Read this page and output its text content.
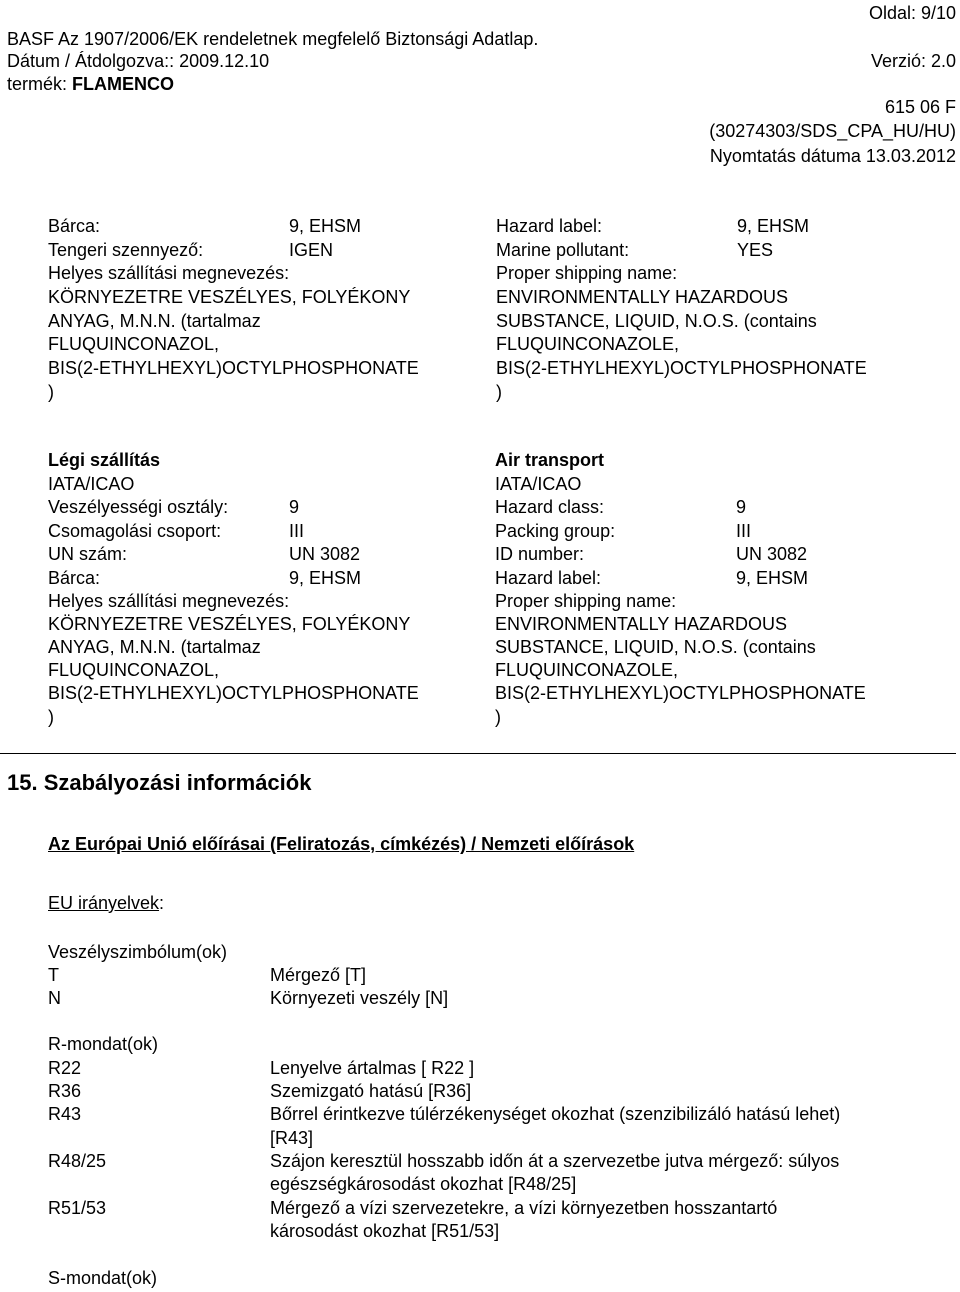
Oldal: 9/10
BASF Az 1907/2006/EK rendeletnek megfelelő Biztonsági Adatlap.
Dátum / Átdolgozva:: 2009.12.10	Verzió: 2.0
termék: FLAMENCO
615 06 F
(30274303/SDS_CPA_HU/HU)
Nyomtatás dátuma 13.03.2012
Bárca:	9, EHSM
Tengeri szennyező:	IGEN
Helyes szállítási megnevezés:
KÖRNYEZETRE VESZÉLYES, FOLYÉKONY
ANYAG, M.N.N. (tartalmaz
FLUQUINCONAZOL,
BIS(2-ETHYLHEXYL)OCTYLPHOSPHONATE
)
Hazard label:	9, EHSM
Marine pollutant:	YES
Proper shipping name:
ENVIRONMENTALLY HAZARDOUS
SUBSTANCE, LIQUID, N.O.S. (contains
FLUQUINCONAZOLE,
BIS(2-ETHYLHEXYL)OCTYLPHOSPHONATE
)
Légi szállítás
IATA/ICAO
Veszélyességi osztály:	9
Csomagolási csoport:	III
UN szám:	UN 3082
Bárca:	9, EHSM
Helyes szállítási megnevezés:
KÖRNYEZETRE VESZÉLYES, FOLYÉKONY
ANYAG, M.N.N. (tartalmaz
FLUQUINCONAZOL,
BIS(2-ETHYLHEXYL)OCTYLPHOSPHONATE
)
Air transport
IATA/ICAO
Hazard class:	9
Packing group:	III
ID number:	UN 3082
Hazard label:	9, EHSM
Proper shipping name:
ENVIRONMENTALLY HAZARDOUS
SUBSTANCE, LIQUID, N.O.S. (contains
FLUQUINCONAZOLE,
BIS(2-ETHYLHEXYL)OCTYLPHOSPHONATE
)
15. Szabályozási információk
Az Európai Unió előírásai (Feliratozás, címkézés) / Nemzeti előírások
EU irányelvek:
Veszélyszimbólum(ok)
T	Mérgező [T]
N	Környezeti veszély [N]
R-mondat(ok)
R22	Lenyelve ártalmas [ R22 ]
R36	Szemizgató hatású [R36]
R43	Bőrrel érintkezve túlérzékenységet okozhat (szenzibilizáló hatású lehet)
[R43]
R48/25	Szájon keresztül hosszabb időn át a szervezetbe jutva mérgező: súlyos
egészségkárosodást okozhat [R48/25]
R51/53	Mérgező a vízi szervezetekre, a vízi környezetben hosszantartó
károsodást okozhat [R51/53]
S-mondat(ok)
